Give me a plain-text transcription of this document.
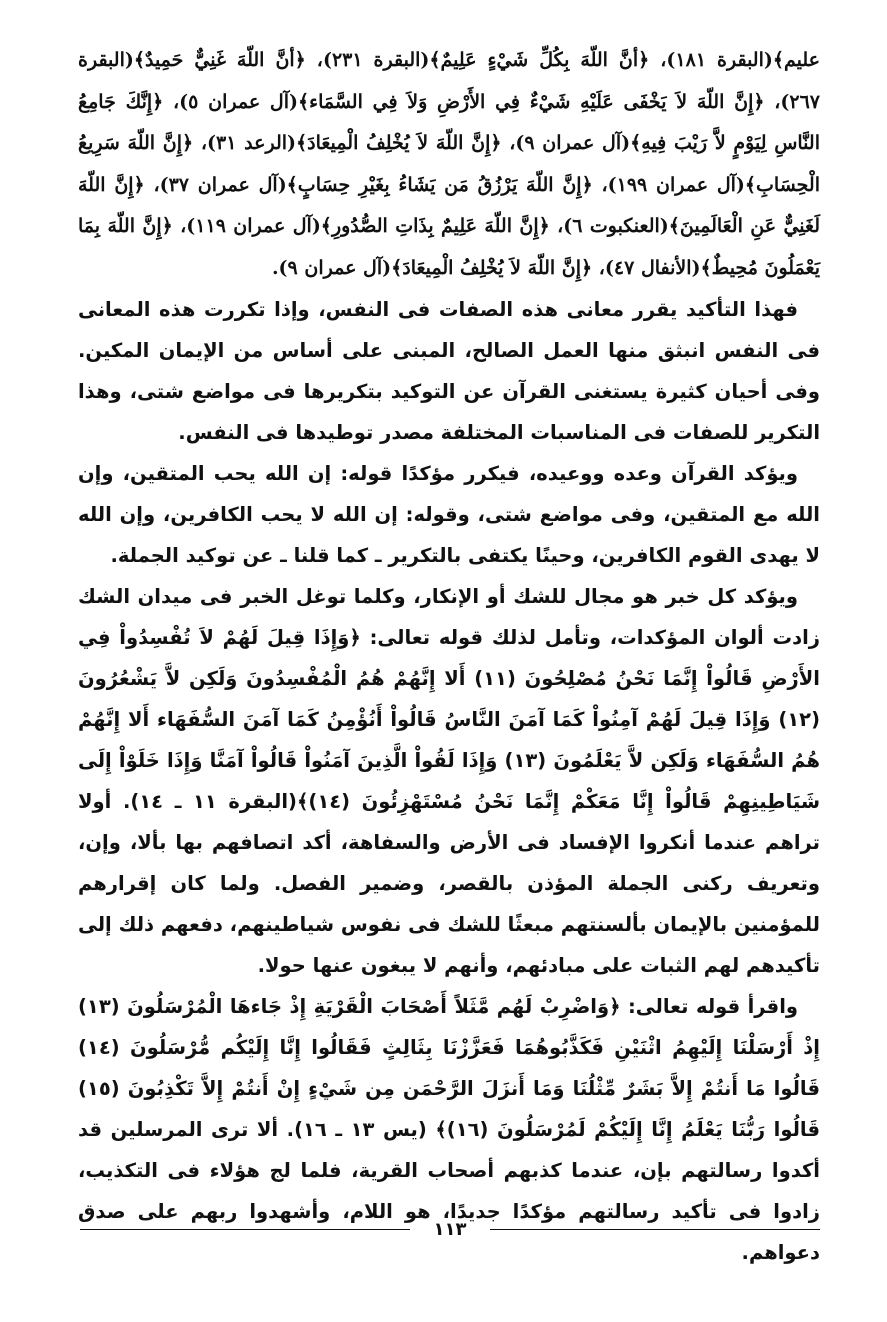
عليم﴾(البقرة ١٨١)، ﴿أنَّ اللّهَ بِكُلِّ شَيْءٍ عَلِيمٌ﴾(البقرة ٢٣١)، ﴿أنَّ اللّهَ غَنِيٌّ حَمِيدٌ﴾(البقرة ٢٦٧)، ﴿إِنَّ اللّهَ لاَ يَخْفَى عَلَيْهِ شَيْءٌ فِي الأَرْضِ وَلاَ فِي السَّمَاء﴾(آل عمران ٥)، ﴿إِنَّكَ جَامِعُ النَّاسِ لِيَوْمٍ لاَّ رَيْبَ فِيهِ﴾(آل عمران ٩)، ﴿إِنَّ اللّهَ لاَ يُخْلِفُ الْمِيعَادَ﴾(الرعد ٣١)، ﴿إِنَّ اللّهَ سَرِيعُ الْحِسَابِ﴾(آل عمران ١٩٩)، ﴿إِنَّ اللّهَ يَرْزُقُ مَن يَشَاءُ بِغَيْرِ حِسَابٍ﴾(آل عمران ٣٧)، ﴿إِنَّ اللّهَ لَغَنِيٌّ عَنِ الْعَالَمِينَ﴾(العنكبوت ٦)، ﴿إِنَّ اللّهَ عَلِيمٌ بِذَاتِ الصُّدُورِ﴾(آل عمران ١١٩)، ﴿إِنَّ اللّهَ بِمَا يَعْمَلُونَ مُحِيطٌ﴾(الأنفال ٤٧)، ﴿إِنَّ اللّهَ لاَ يُخْلِفُ الْمِيعَادَ﴾(آل عمران ٩).

فهذا التأكيد يقرر معانى هذه الصفات فى النفس، وإذا تكررت هذه المعانى فى النفس انبثق منها العمل الصالح، المبنى على أساس من الإيمان المكين. وفى أحيان كثيرة يستغنى القرآن عن التوكيد بتكريرها فى مواضع شتى، وهذا التكرير للصفات فى المناسبات المختلفة مصدر توطيدها فى النفس.

ويؤكد القرآن وعده ووعيده، فيكرر مؤكدًا قوله: إن الله يحب المتقين، وإن الله مع المتقين، وفى مواضع شتى، وقوله: إن الله لا يحب الكافرين، وإن الله لا يهدى القوم الكافرين، وحينًا يكتفى بالتكرير ـ كما قلنا ـ عن توكيد الجملة.

ويؤكد كل خبر هو مجال للشك أو الإنكار، وكلما توغل الخبر فى ميدان الشك زادت ألوان المؤكدات، وتأمل لذلك قوله تعالى: ﴿وَإِذَا قِيلَ لَهُمْ لاَ تُفْسِدُواْ فِي الأَرْضِ قَالُواْ إِنَّمَا نَحْنُ مُصْلِحُونَ (١١) أَلا إِنَّهُمْ هُمُ الْمُفْسِدُونَ وَلَكِن لاَّ يَشْعُرُونَ (١٢) وَإِذَا قِيلَ لَهُمْ آمِنُواْ كَمَا آمَنَ النَّاسُ قَالُواْ أَنُؤْمِنُ كَمَا آمَنَ السُّفَهَاء أَلا إِنَّهُمْ هُمُ السُّفَهَاء وَلَكِن لاَّ يَعْلَمُونَ (١٣) وَإِذَا لَقُواْ الَّذِينَ آمَنُواْ قَالُواْ آمَنَّا وَإِذَا خَلَوْاْ إِلَى شَيَاطِينِهِمْ قَالُواْ إِنَّا مَعَكْمْ إِنَّمَا نَحْنُ مُسْتَهْزِئُونَ (١٤)﴾(البقرة ١١ ـ ١٤). أولا تراهم عندما أنكروا الإفساد فى الأرض والسفاهة، أكد اتصافهم بها بألا، وإن، وتعريف ركنى الجملة المؤذن بالقصر، وضمير الفصل. ولما كان إقرارهم للمؤمنين بالإيمان بألسنتهم مبعثًا للشك فى نفوس شياطينهم، دفعهم ذلك إلى تأكيدهم لهم الثبات على مبادئهم، وأنهم لا يبغون عنها حولا.

واقرأ قوله تعالى: ﴿وَاضْرِبْ لَهُم مَّثَلاً أَصْحَابَ الْقَرْيَةِ إِذْ جَاءهَا الْمُرْسَلُونَ (١٣) إِذْ أَرْسَلْنَا إِلَيْهِمُ اثْنَيْنِ فَكَذَّبُوهُمَا فَعَزَّزْنَا بِثَالِثٍ فَقَالُوا إِنَّا إِلَيْكُم مُّرْسَلُونَ (١٤) قَالُوا مَا أَنتُمْ إِلاَّ بَشَرٌ مِّثْلُنَا وَمَا أَنزَلَ الرَّحْمَن مِن شَيْءٍ إِنْ أَنتُمْ إِلاَّ تَكْذِبُونَ (١٥) قَالُوا رَبُّنَا يَعْلَمُ إِنَّا إِلَيْكُمْ لَمُرْسَلُونَ (١٦)﴾ (يس ١٣ ـ ١٦). ألا ترى المرسلين قد أكدوا رسالتهم بإن، عندما كذبهم أصحاب القرية، فلما لج هؤلاء فى التكذيب، زادوا فى تأكيد رسالتهم مؤكدًا جديدًا، هو اللام، وأشهدوا ربهم على صدق دعواهم.

١١٣
